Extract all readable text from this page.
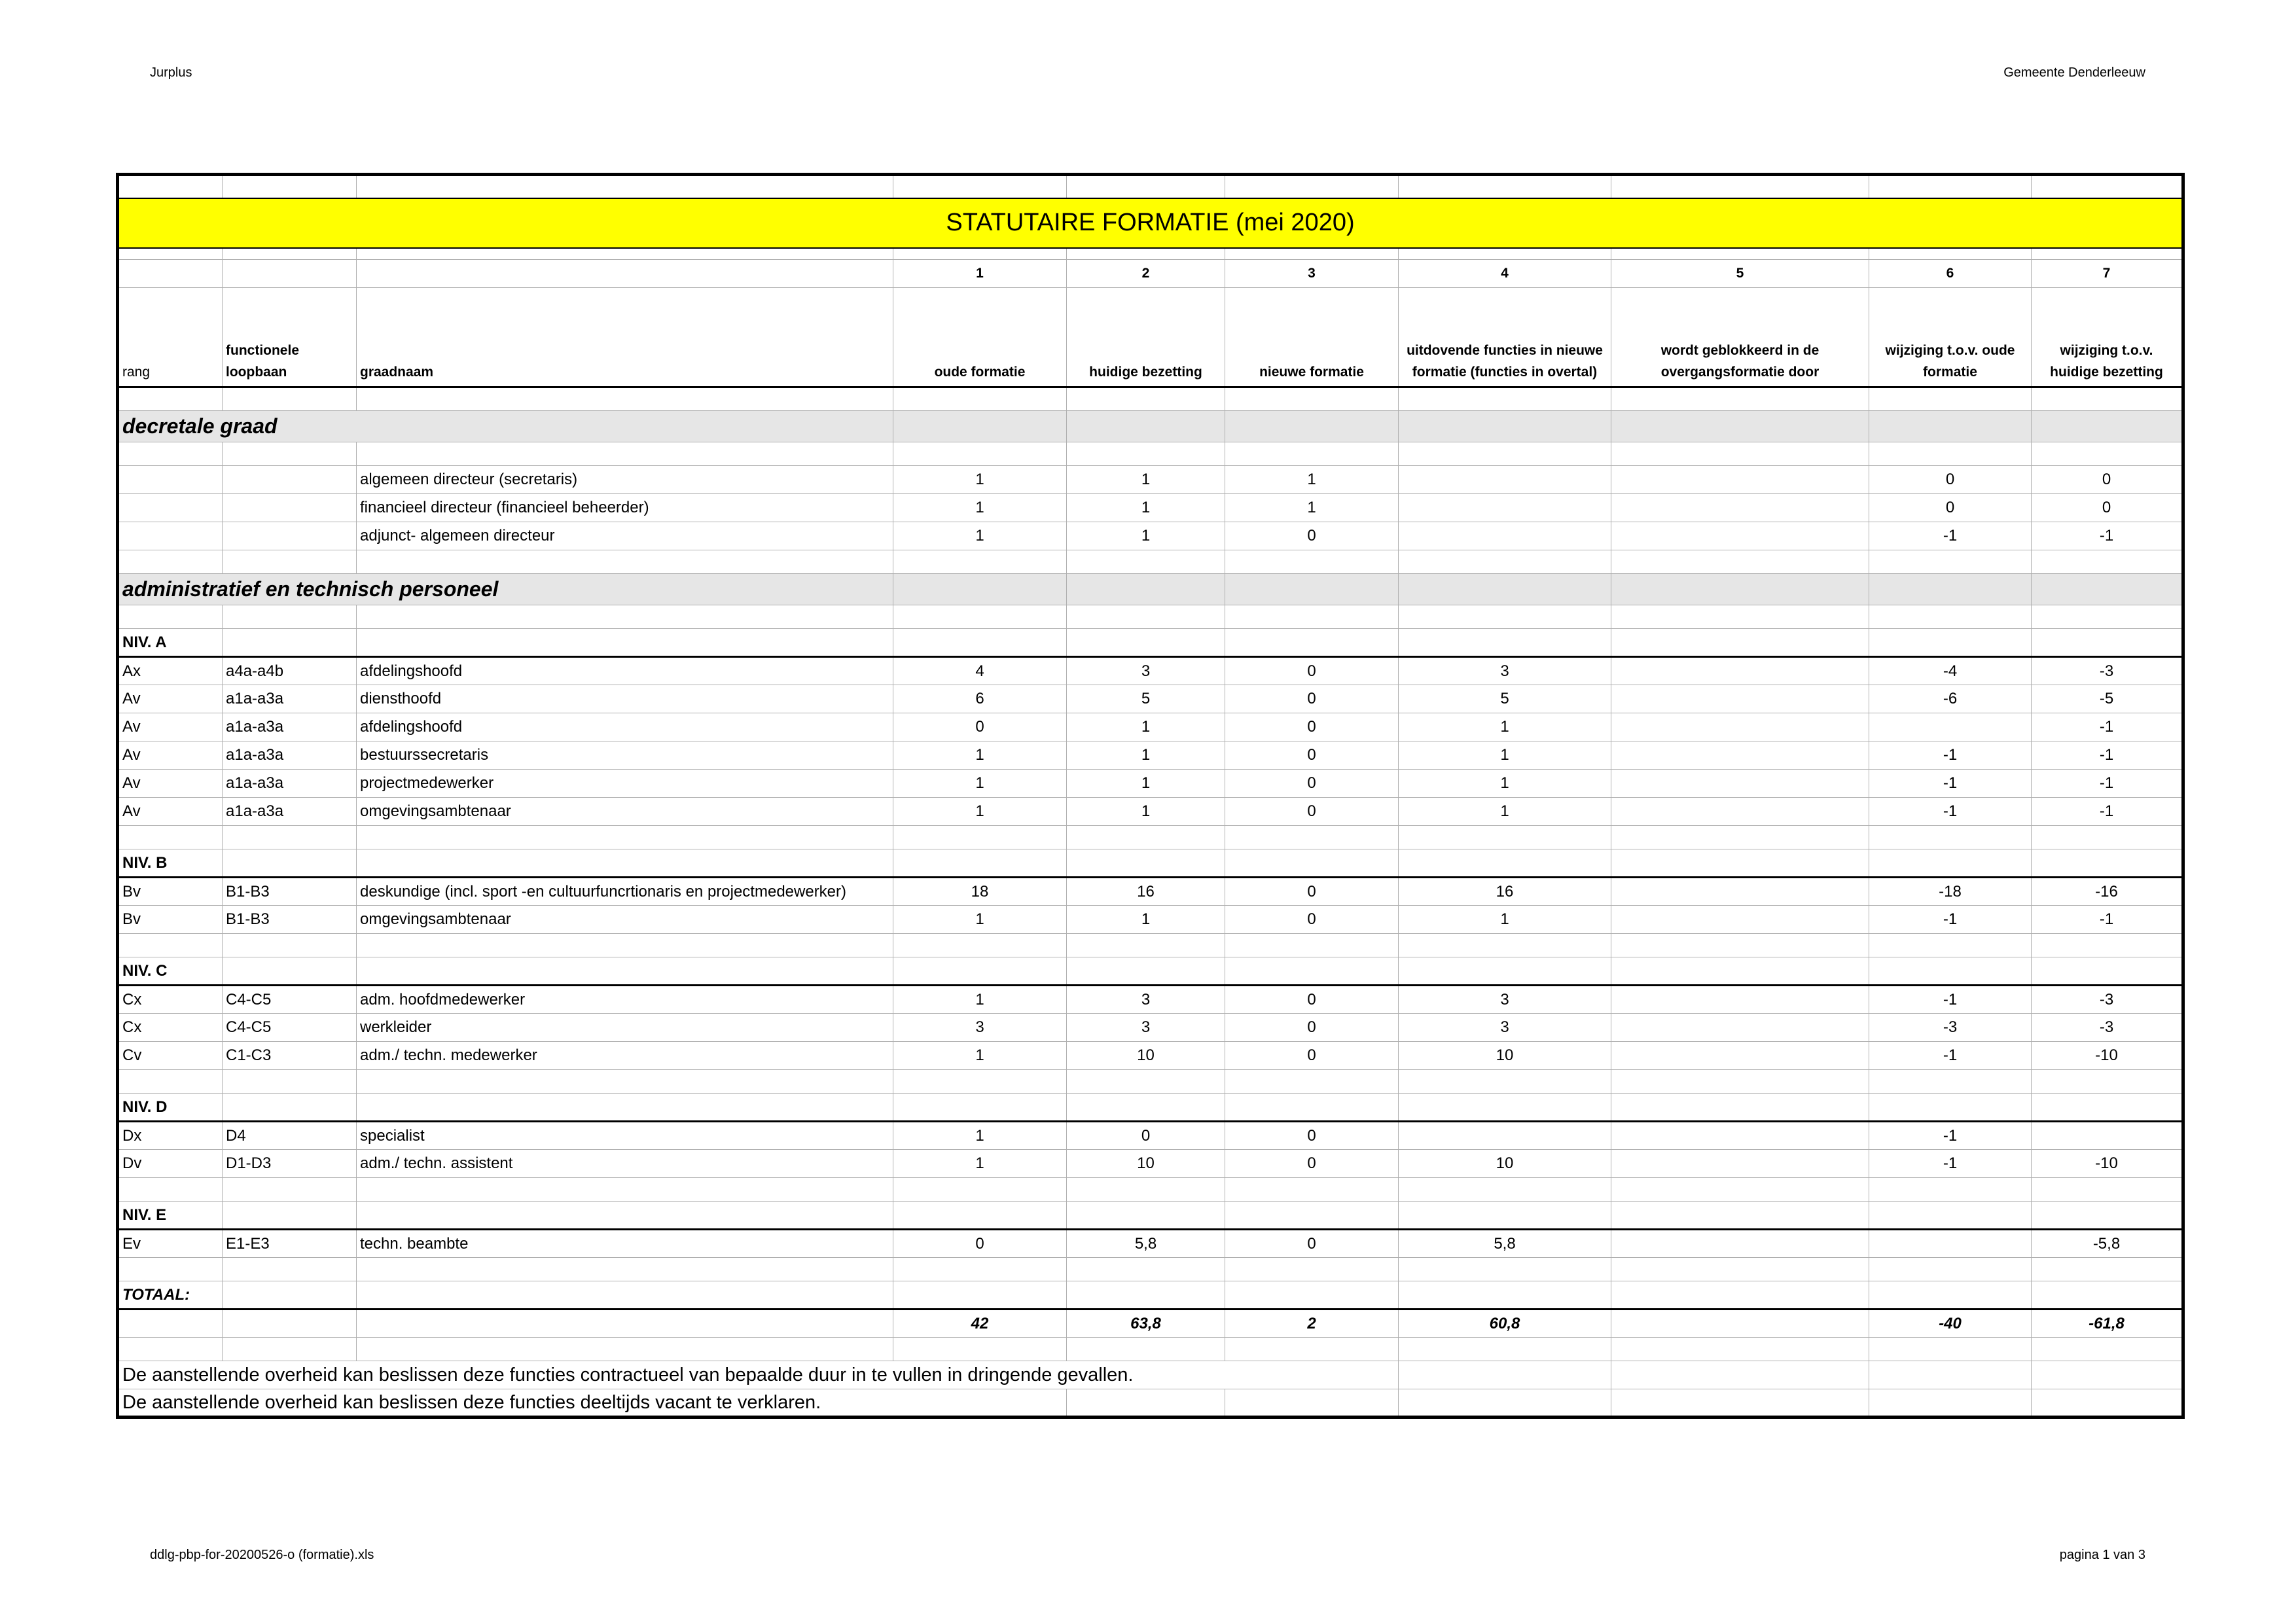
Jurplus	Gemeente Denderleeuw

STATUTAIRE FORMATIE (mei 2020)									

			1	2	3	4	5	6	7
rang	functionele loopbaan	graadnaam	oude formatie	huidige bezetting	nieuwe formatie	uitdovende functies in nieuwe formatie (functies in overtal)	wordt geblokkeerd in de overgangsformatie door	wijziging t.o.v. oude formatie	wijziging t.o.v. huidige bezetting

decretale graad									

		algemeen directeur (secretaris)	1	1	1			0	0
		financieel directeur (financieel beheerder)	1	1	1			0	0
		adjunct- algemeen directeur	1	1	0			-1	-1

administratief en technisch personeel									

NIV. A									
Ax	a4a-a4b	afdelingshoofd	4	3	0	3		-4	-3
Av	a1a-a3a	diensthoofd	6	5	0	5		-6	-5
Av	a1a-a3a	afdelingshoofd	0	1	0	1			-1
Av	a1a-a3a	bestuurssecretaris	1	1	0	1		-1	-1
Av	a1a-a3a	projectmedewerker	1	1	0	1		-1	-1
Av	a1a-a3a	omgevingsambtenaar	1	1	0	1		-1	-1

NIV. B									
Bv	B1-B3	deskundige (incl. sport -en cultuurfuncrtionaris en projectmedewerker)	18	16	0	16		-18	-16
Bv	B1-B3	omgevingsambtenaar	1	1	0	1		-1	-1

NIV. C									
Cx	C4-C5	adm. hoofdmedewerker	1	3	0	3		-1	-3
Cx	C4-C5	werkleider	3	3	0	3		-3	-3
Cv	C1-C3	adm./ techn. medewerker	1	10	0	10		-1	-10

NIV. D									
Dx	D4	specialist	1	0	0			-1	
Dv	D1-D3	adm./ techn. assistent	1	10	0	10		-1	-10

NIV. E									
Ev	E1-E3	techn. beambte	0	5,8	0	5,8			-5,8

TOTAAL:									
			42	63,8	2	60,8		-40	-61,8

De aanstellende overheid kan beslissen deze functies contractueel van bepaalde duur in te vullen in dringende gevallen.									
De aanstellende overheid kan beslissen deze functies deeltijds vacant te verklaren.									
ddlg-pbp-for-20200526-o (formatie).xls	pagina 1 van 3
